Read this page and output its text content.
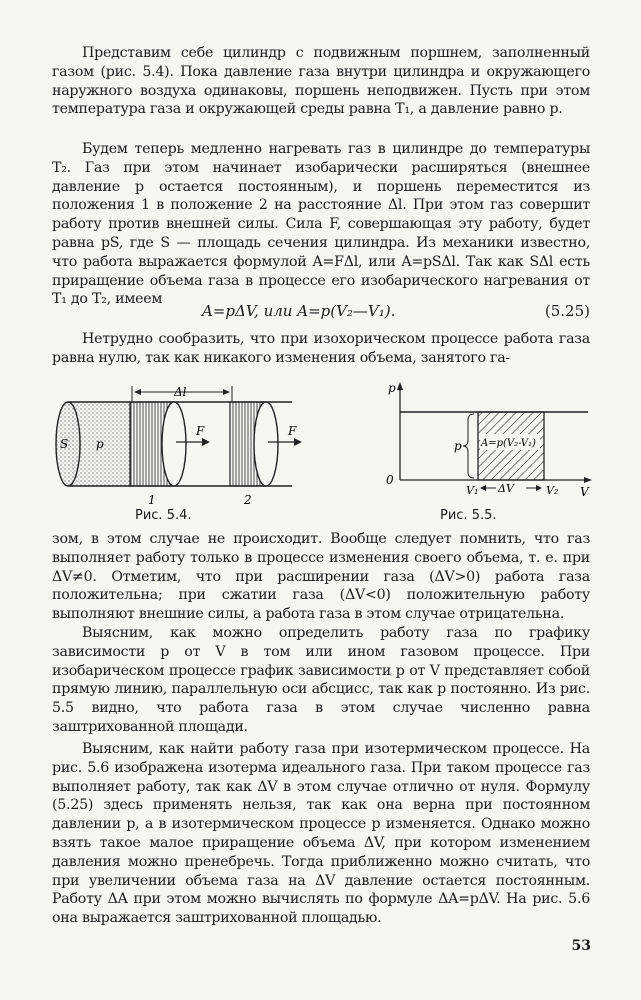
Представим себе цилиндр с подвижным поршнем, заполненный газом (рис. 5.4). Пока давление газа внутри цилиндра и окружающего наружного воздуха одинаковы, поршень неподвижен. Пусть при этом температура газа и окружающей среды равна T₁, а давление равно p.

Будем теперь медленно нагревать газ в цилиндре до температуры T₂. Газ при этом начинает изобарически расширяться (внешнее давление p остается постоянным), и поршень переместится из положения 1 в положение 2 на расстояние Δl. При этом газ совершит работу против внешней силы. Сила F, совершающая эту работу, будет равна pS, где S — площадь сечения цилиндра. Из механики известно, что работа выражается формулой A=FΔl, или A=pSΔl. Так как SΔl есть приращение объема газа в процессе его изобарического нагревания от T₁ до T₂, имеем

A=pΔV, или A=p(V₂—V₁).	(5.25)

Нетрудно сообразить, что при изохорическом процессе работа газа равна нулю, так как никакого изменения объема, занятого га-

Δl
S p
F	F
1	2
p
V
0
A=p(V₂-V₁)
p
V₁	V₂
ΔV
Рис. 5.4.	Рис. 5.5.

зом, в этом случае не происходит. Вообще следует помнить, что газ выполняет работу только в процессе изменения своего объема, т. е. при ΔV≠0. Отметим, что при расширении газа (ΔV>0) работа газа положительна; при сжатии газа (ΔV<0) положительную работу выполняют внешние силы, а работа газа в этом случае отрицательна.

Выясним, как можно определить работу газа по графику зависимости p от V в том или ином газовом процессе. При изобарическом процессе график зависимости p от V представляет собой прямую линию, параллельную оси абсцисс, так как p постоянно. Из рис. 5.5 видно, что работа газа в этом случае численно равна заштрихованной площади.

Выясним, как найти работу газа при изотермическом процессе. На рис. 5.6 изображена изотерма идеального газа. При таком процессе газ выполняет работу, так как ΔV в этом случае отлично от нуля. Формулу (5.25) здесь применять нельзя, так как она верна при постоянном давлении p, а в изотермическом процессе p изменяется. Однако можно взять такое малое приращение объема ΔV, при котором изменением давления можно пренебречь. Тогда приближенно можно считать, что при увеличении объема газа на ΔV давление остается постоянным. Работу ΔA при этом можно вычислять по формуле ΔA=pΔV. На рис. 5.6 она выражается заштрихованной площадью.

53
